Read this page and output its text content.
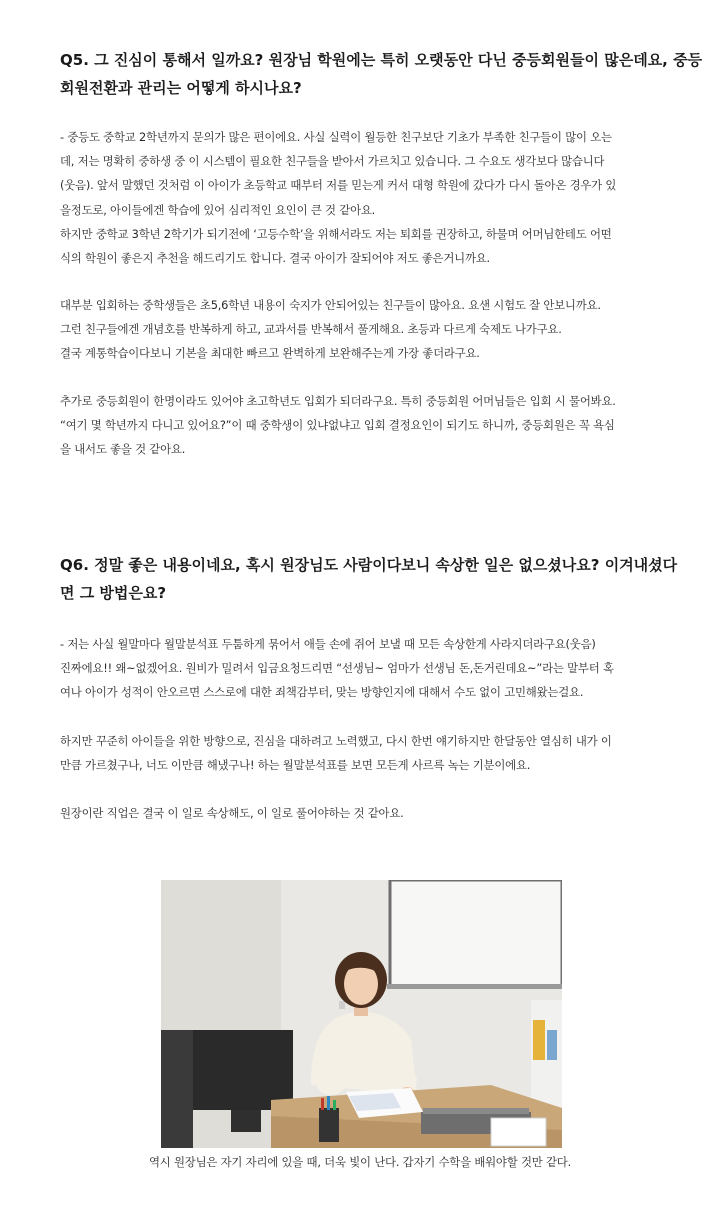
Q5. 그 진심이 통해서 일까요? 원장님 학원에는 특히 오랫동안 다닌 중등회원들이 많은데요, 중등
회원전환과 관리는 어떻게 하시나요?

- 중등도 중학교 2학년까지 문의가 많은 편이에요. 사실 실력이 월등한 친구보단 기초가 부족한 친구들이 많이 오는
데, 저는 명확히 중하생 중 이 시스템이 필요한 친구들을 받아서 가르치고 있습니다. 그 수요도 생각보다 많습니다
(웃음). 앞서 말했던 것처럼 이 아이가 초등학교 때부터 저를 믿는게 커서 대형 학원에 갔다가 다시 돌아온 경우가 있
을정도로, 아이들에겐 학습에 있어 심리적인 요인이 큰 것 같아요.
하지만 중학교 3학년 2학기가 되기전에 ‘고등수학’을 위해서라도 저는 퇴회를 권장하고, 하물며 어머님한테도 어떤
식의 학원이 좋은지 추천을 해드리기도 합니다. 결국 아이가 잘되어야 저도 좋은거니까요.

대부분 입회하는 중학생들은 초5,6학년 내용이 숙지가 안되어있는 친구들이 많아요. 요샌 시험도 잘 안보니까요.
그런 친구들에겐 개념호를 반복하게 하고, 교과서를 반복해서 풀게해요. 초등과 다르게 숙제도 나가구요.
결국 계통학습이다보니 기본을 최대한 빠르고 완벽하게 보완해주는게 가장 좋더라구요.

추가로 중등회원이 한명이라도 있어야 초고학년도 입회가 되더라구요. 특히 중등회원 어머님들은 입회 시 물어봐요.
“여기 몇 학년까지 다니고 있어요?”이 때 중학생이 있냐없냐고 입회 결정요인이 되기도 하니까, 중등회원은 꼭 욕심
을 내서도 좋을 것 같아요.

Q6. 정말 좋은 내용이네요, 혹시 원장님도 사람이다보니 속상한 일은 없으셨나요? 이겨내셨다
면 그 방법은요?

- 저는 사실 월말마다 월말분석표 두툼하게 묶어서 애들 손에 쥐어 보낼 때 모든 속상한게 사라지더라구요(웃음)
진짜에요!! 왜~없겠어요. 원비가 밀려서 입금요청드리면 “선생님~ 엄마가 선생님 돈,돈거린데요~”라는 말부터 혹
여나 아이가 성적이 안오르면 스스로에 대한 죄책감부터, 맞는 방향인지에 대해서 수도 없이 고민해왔는걸요.

하지만 꾸준히 아이들을 위한 방향으로, 진심을 대하려고 노력했고, 다시 한번 얘기하지만 한달동안 열심히 내가 이
만큼 가르쳤구나, 너도 이만큼 해냈구나! 하는 월말분석표를 보면 모든게 사르륵 녹는 기분이에요.

원장이란 직업은 결국 이 일로 속상해도, 이 일로 풀어야하는 것 같아요.

역시 원장님은 자기 자리에 있을 때, 더욱 빛이 난다. 갑자기 수학을 배워야할 것만 같다.
